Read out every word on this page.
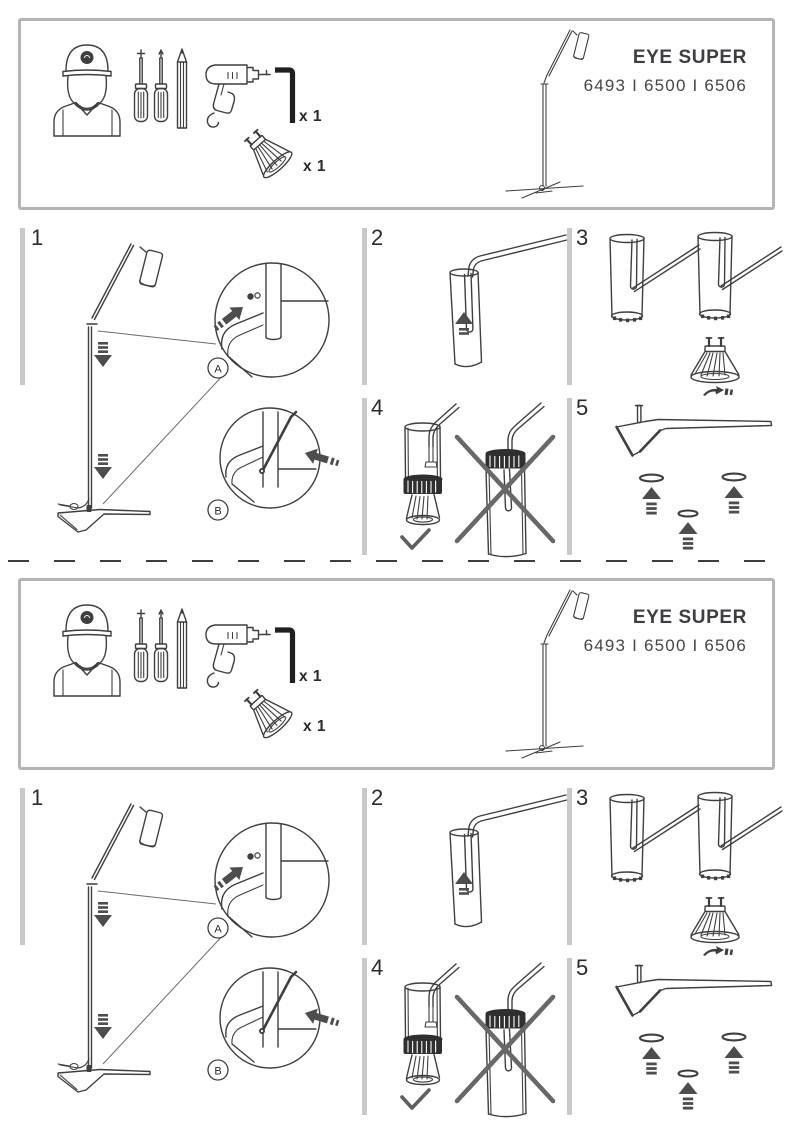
x 1
x 1
EYE SUPER
6493 I 6500 I 6506
1
A
B
2	3
4	5
x 1
x 1
EYE SUPER
6493 I 6500 I 6506
1
A
B
2	3
4	5
